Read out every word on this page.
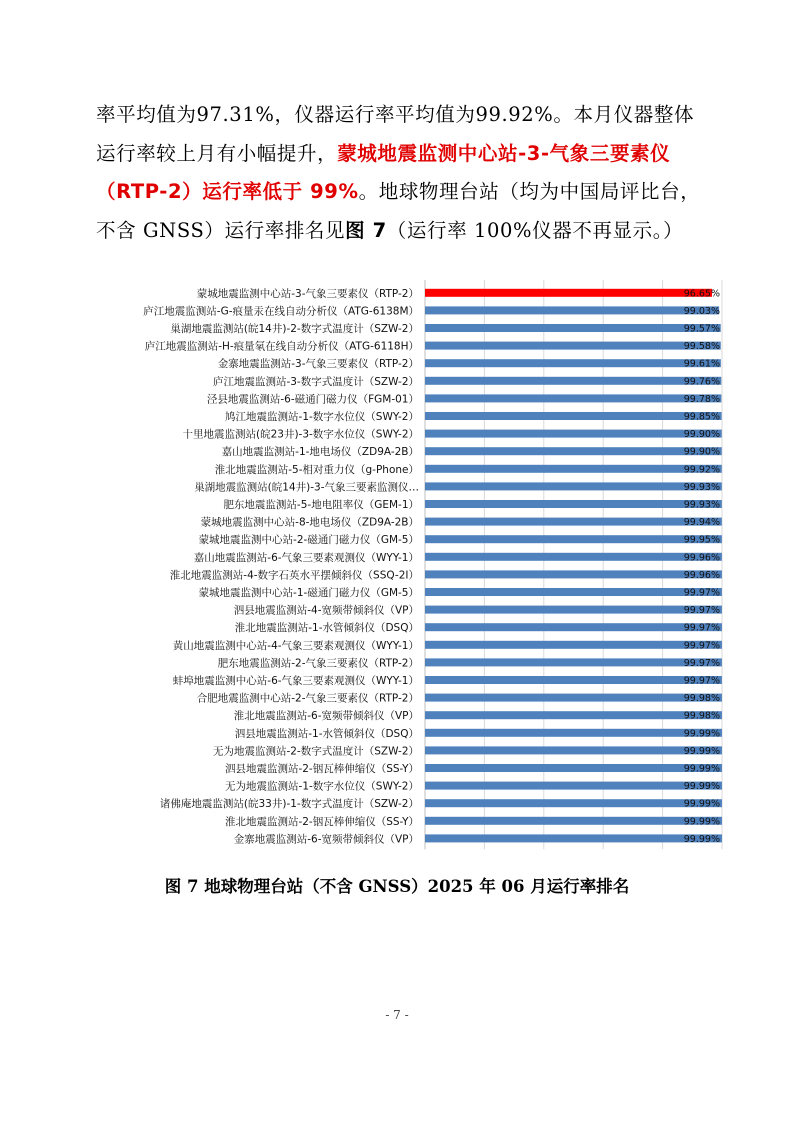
率平均值为97.31%，仪器运行率平均值为99.92%。本月仪器整体
运行率较上月有小幅提升，蒙城地震监测中心站-3-气象三要素仪
（RTP-2）运行率低于 99%。地球物理台站（均为中国局评比台，
不含 GNSS）运行率排名见图 7（运行率 100%仪器不再显示。）
蒙城地震监测中心站-3-气象三要素仪（RTP-2）	96.65%
庐江地震监测站-G-痕量汞在线自动分析仪（ATG-6138M）	99.03%
巢湖地震监测站(皖14井)-2-数字式温度计（SZW-2）	99.57%
庐江地震监测站-H-痕量氡在线自动分析仪（ATG-6118H）	99.58%
金寨地震监测站-3-气象三要素仪（RTP-2）	99.61%
庐江地震监测站-3-数字式温度计（SZW-2）	99.76%
泾县地震监测站-6-磁通门磁力仪（FGM-01）	99.78%
鸠江地震监测站-1-数字水位仪（SWY-2）	99.85%
十里地震监测站(皖23井)-3-数字水位仪（SWY-2）	99.90%
嘉山地震监测站-1-地电场仪（ZD9A-2B）	99.90%
淮北地震监测站-5-相对重力仪（g-Phone）	99.92%
巢湖地震监测站(皖14井)-3-气象三要素监测仪…	99.93%
肥东地震监测站-5-地电阻率仪（GEM-1）	99.93%
蒙城地震监测中心站-8-地电场仪（ZD9A-2B）	99.94%
蒙城地震监测中心站-2-磁通门磁力仪（GM-5）	99.95%
嘉山地震监测站-6-气象三要素观测仪（WYY-1）	99.96%
淮北地震监测站-4-数字石英水平摆倾斜仪（SSQ-2I）	99.96%
蒙城地震监测中心站-1-磁通门磁力仪（GM-5）	99.97%
泗县地震监测站-4-宽频带倾斜仪（VP）	99.97%
淮北地震监测站-1-水管倾斜仪（DSQ）	99.97%
黄山地震监测中心站-4-气象三要素观测仪（WYY-1）	99.97%
肥东地震监测站-2-气象三要素仪（RTP-2）	99.97%
蚌埠地震监测中心站-6-气象三要素观测仪（WYY-1）	99.97%
合肥地震监测中心站-2-气象三要素仪（RTP-2）	99.98%
淮北地震监测站-6-宽频带倾斜仪（VP）	99.98%
泗县地震监测站-1-水管倾斜仪（DSQ）	99.99%
无为地震监测站-2-数字式温度计（SZW-2）	99.99%
泗县地震监测站-2-铟瓦棒伸缩仪（SS-Y）	99.99%
无为地震监测站-1-数字水位仪（SWY-2）	99.99%
诸佛庵地震监测站(皖33井)-1-数字式温度计（SZW-2）	99.99%
淮北地震监测站-2-铟瓦棒伸缩仪（SS-Y）	99.99%
金寨地震监测站-6-宽频带倾斜仪（VP）	99.99%
图 7 地球物理台站（不含 GNSS）2025 年 06 月运行率排名
- 7 -
